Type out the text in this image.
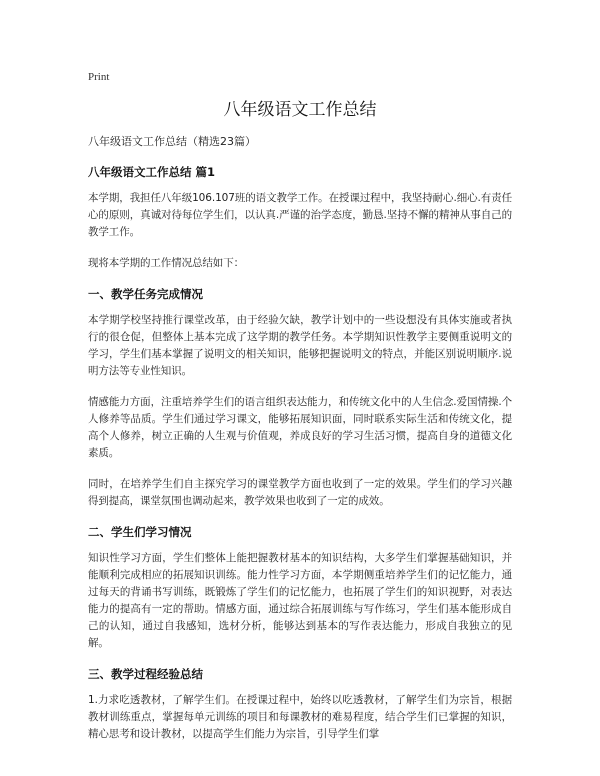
Print
八年级语文工作总结

八年级语文工作总结（精选23篇）

八年级语文工作总结 篇1

本学期，我担任八年级106.107班的语文教学工作。在授课过程中，我坚持耐心.细心.有责任心的原则，真诚对待每位学生们，以认真.严谨的治学态度，勤恳.坚持不懈的精神从事自己的教学工作。

现将本学期的工作情况总结如下：

一、教学任务完成情况

本学期学校坚持推行课堂改革，由于经验欠缺，教学计划中的一些设想没有具体实施或者执行的很仓促，但整体上基本完成了这学期的教学任务。本学期知识性教学主要侧重说明文的学习，学生们基本掌握了说明文的相关知识，能够把握说明文的特点，并能区别说明顺序.说明方法等专业性知识。

情感能力方面，注重培养学生们的语言组织表达能力，和传统文化中的人生信念.爱国情操.个人修养等品质。学生们通过学习课文，能够拓展知识面，同时联系实际生活和传统文化，提高个人修养，树立正确的人生观与价值观，养成良好的学习生活习惯，提高自身的道德文化素质。

同时，在培养学生们自主探究学习的课堂教学方面也收到了一定的效果。学生们的学习兴趣得到提高，课堂氛围也调动起来，教学效果也收到了一定的成效。

二、学生们学习情况

知识性学习方面，学生们整体上能把握教材基本的知识结构，大多学生们掌握基础知识，并能顺利完成相应的拓展知识训练。能力性学习方面，本学期侧重培养学生们的记忆能力，通过每天的背诵书写训练，既锻炼了学生们的记忆能力，也拓展了学生们的知识视野，对表达能力的提高有一定的帮助。情感方面，通过综合拓展训练与写作练习，学生们基本能形成自己的认知，通过自我感知，选材分析，能够达到基本的写作表达能力，形成自我独立的见解。

三、教学过程经验总结

1.力求吃透教材，了解学生们。在授课过程中，始终以吃透教材，了解学生们为宗旨，根据教材训练重点，掌握每单元训练的项目和每课教材的难易程度，结合学生们已掌握的知识，精心思考和设计教材，以提高学生们能力为宗旨，引导学生们掌
